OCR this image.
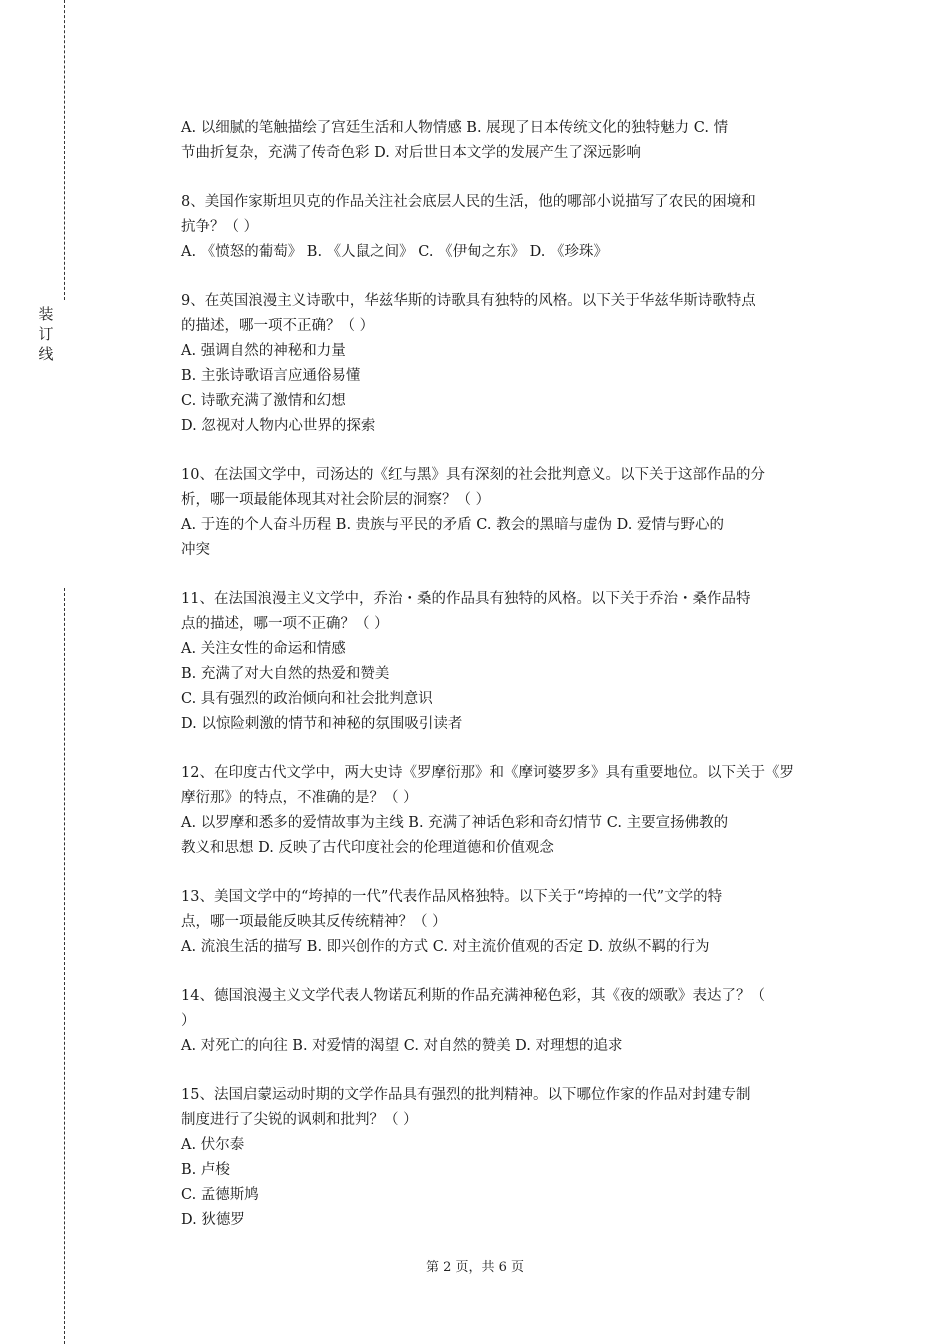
装
订
线
A. 以细腻的笔触描绘了宫廷生活和人物情感 B. 展现了日本传统文化的独特魅力 C. 情
节曲折复杂，充满了传奇色彩 D. 对后世日本文学的发展产生了深远影响
8、美国作家斯坦贝克的作品关注社会底层人民的生活，他的哪部小说描写了农民的困境和
抗争？（ ）
A. 《愤怒的葡萄》 B. 《人鼠之间》 C. 《伊甸之东》 D. 《珍珠》
9、在英国浪漫主义诗歌中，华兹华斯的诗歌具有独特的风格。以下关于华兹华斯诗歌特点
的描述，哪一项不正确？（ ）
A. 强调自然的神秘和力量
B. 主张诗歌语言应通俗易懂
C. 诗歌充满了激情和幻想
D. 忽视对人物内心世界的探索
10、在法国文学中，司汤达的《红与黑》具有深刻的社会批判意义。以下关于这部作品的分
析，哪一项最能体现其对社会阶层的洞察？（ ）
A. 于连的个人奋斗历程 B. 贵族与平民的矛盾 C. 教会的黑暗与虚伪 D. 爱情与野心的
冲突
11、在法国浪漫主义文学中，乔治・桑的作品具有独特的风格。以下关于乔治・桑作品特
点的描述，哪一项不正确？（ ）
A. 关注女性的命运和情感
B. 充满了对大自然的热爱和赞美
C. 具有强烈的政治倾向和社会批判意识
D. 以惊险刺激的情节和神秘的氛围吸引读者
12、在印度古代文学中，两大史诗《罗摩衍那》和《摩诃婆罗多》具有重要地位。以下关于《罗
摩衍那》的特点，不准确的是？（ ）
A. 以罗摩和悉多的爱情故事为主线 B. 充满了神话色彩和奇幻情节 C. 主要宣扬佛教的
教义和思想 D. 反映了古代印度社会的伦理道德和价值观念
13、美国文学中的“垮掉的一代”代表作品风格独特。以下关于“垮掉的一代”文学的特
点，哪一项最能反映其反传统精神？（ ）
A. 流浪生活的描写 B. 即兴创作的方式 C. 对主流价值观的否定 D. 放纵不羁的行为
14、德国浪漫主义文学代表人物诺瓦利斯的作品充满神秘色彩，其《夜的颂歌》表达了？（
）
A. 对死亡的向往 B. 对爱情的渴望 C. 对自然的赞美 D. 对理想的追求
15、法国启蒙运动时期的文学作品具有强烈的批判精神。以下哪位作家的作品对封建专制
制度进行了尖锐的讽刺和批判？（ ）
A. 伏尔泰
B. 卢梭
C. 孟德斯鸠
D. 狄德罗
第 2 页，共 6 页
